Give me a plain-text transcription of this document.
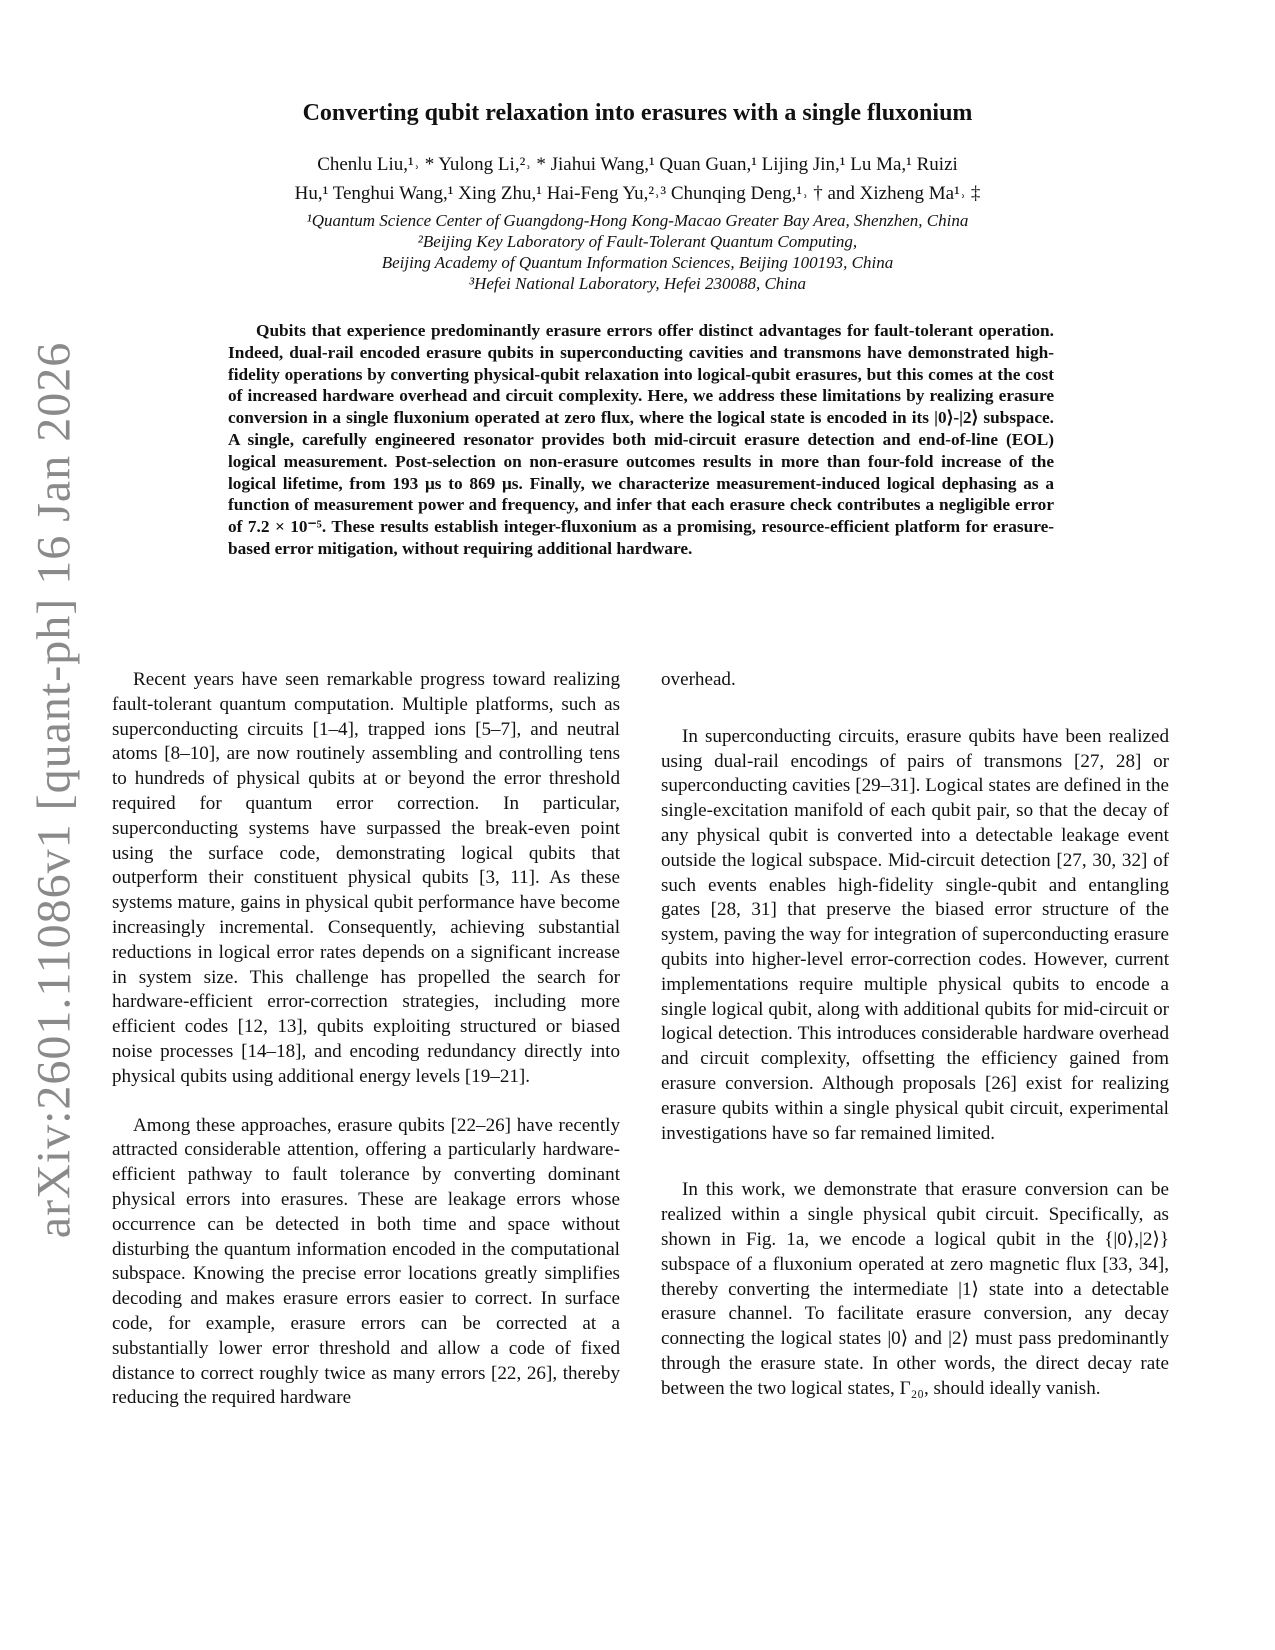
arXiv:2601.11086v1 [quant-ph] 16 Jan 2026
Converting qubit relaxation into erasures with a single fluxonium
Chenlu Liu,¹˒ * Yulong Li,²˒ * Jiahui Wang,¹ Quan Guan,¹ Lijing Jin,¹ Lu Ma,¹ Ruizi
Hu,¹ Tenghui Wang,¹ Xing Zhu,¹ Hai-Feng Yu,²˒³ Chunqing Deng,¹˒ † and Xizheng Ma¹˒ ‡
¹Quantum Science Center of Guangdong-Hong Kong-Macao Greater Bay Area, Shenzhen, China
²Beijing Key Laboratory of Fault-Tolerant Quantum Computing,
Beijing Academy of Quantum Information Sciences, Beijing 100193, China
³Hefei National Laboratory, Hefei 230088, China
Qubits that experience predominantly erasure errors offer distinct advantages for fault-tolerant operation. Indeed, dual-rail encoded erasure qubits in superconducting cavities and transmons have demonstrated high-fidelity operations by converting physical-qubit relaxation into logical-qubit erasures, but this comes at the cost of increased hardware overhead and circuit complexity. Here, we address these limitations by realizing erasure conversion in a single fluxonium operated at zero flux, where the logical state is encoded in its |0⟩-|2⟩ subspace. A single, carefully engineered resonator provides both mid-circuit erasure detection and end-of-line (EOL) logical measurement. Post-selection on non-erasure outcomes results in more than four-fold increase of the logical lifetime, from 193 μs to 869 μs. Finally, we characterize measurement-induced logical dephasing as a function of measurement power and frequency, and infer that each erasure check contributes a negligible error of 7.2 × 10⁻⁵. These results establish integer-fluxonium as a promising, resource-efficient platform for erasure-based error mitigation, without requiring additional hardware.

Recent years have seen remarkable progress toward realizing fault-tolerant quantum computation. Multiple platforms, such as superconducting circuits [1–4], trapped ions [5–7], and neutral atoms [8–10], are now routinely assembling and controlling tens to hundreds of physical qubits at or beyond the error threshold required for quantum error correction. In particular, superconducting systems have surpassed the break-even point using the surface code, demonstrating logical qubits that outperform their constituent physical qubits [3, 11]. As these systems mature, gains in physical qubit performance have become increasingly incremental. Consequently, achieving substantial reductions in logical error rates depends on a significant increase in system size. This challenge has propelled the search for hardware-efficient error-correction strategies, including more efficient codes [12, 13], qubits exploiting structured or biased noise processes [14–18], and encoding redundancy directly into physical qubits using additional energy levels [19–21].

Among these approaches, erasure qubits [22–26] have recently attracted considerable attention, offering a particularly hardware-efficient pathway to fault tolerance by converting dominant physical errors into erasures. These are leakage errors whose occurrence can be detected in both time and space without disturbing the quantum information encoded in the computational subspace. Knowing the precise error locations greatly simplifies decoding and makes erasure errors easier to correct. In surface code, for example, erasure errors can be corrected at a substantially lower error threshold and allow a code of fixed distance to correct roughly twice as many errors [22, 26], thereby reducing the required hardware

overhead.

In superconducting circuits, erasure qubits have been realized using dual-rail encodings of pairs of transmons [27, 28] or superconducting cavities [29–31]. Logical states are defined in the single-excitation manifold of each qubit pair, so that the decay of any physical qubit is converted into a detectable leakage event outside the logical subspace. Mid-circuit detection [27, 30, 32] of such events enables high-fidelity single-qubit and entangling gates [28, 31] that preserve the biased error structure of the system, paving the way for integration of superconducting erasure qubits into higher-level error-correction codes. However, current implementations require multiple physical qubits to encode a single logical qubit, along with additional qubits for mid-circuit or logical detection. This introduces considerable hardware overhead and circuit complexity, offsetting the efficiency gained from erasure conversion. Although proposals [26] exist for realizing erasure qubits within a single physical qubit circuit, experimental investigations have so far remained limited.

In this work, we demonstrate that erasure conversion can be realized within a single physical qubit circuit. Specifically, as shown in Fig. 1a, we encode a logical qubit in the {|0⟩,|2⟩} subspace of a fluxonium operated at zero magnetic flux [33, 34], thereby converting the intermediate |1⟩ state into a detectable erasure channel. To facilitate erasure conversion, any decay connecting the logical states |0⟩ and |2⟩ must pass predominantly through the erasure state. In other words, the direct decay rate between the two logical states, Γ₂₀, should ideally vanish.
